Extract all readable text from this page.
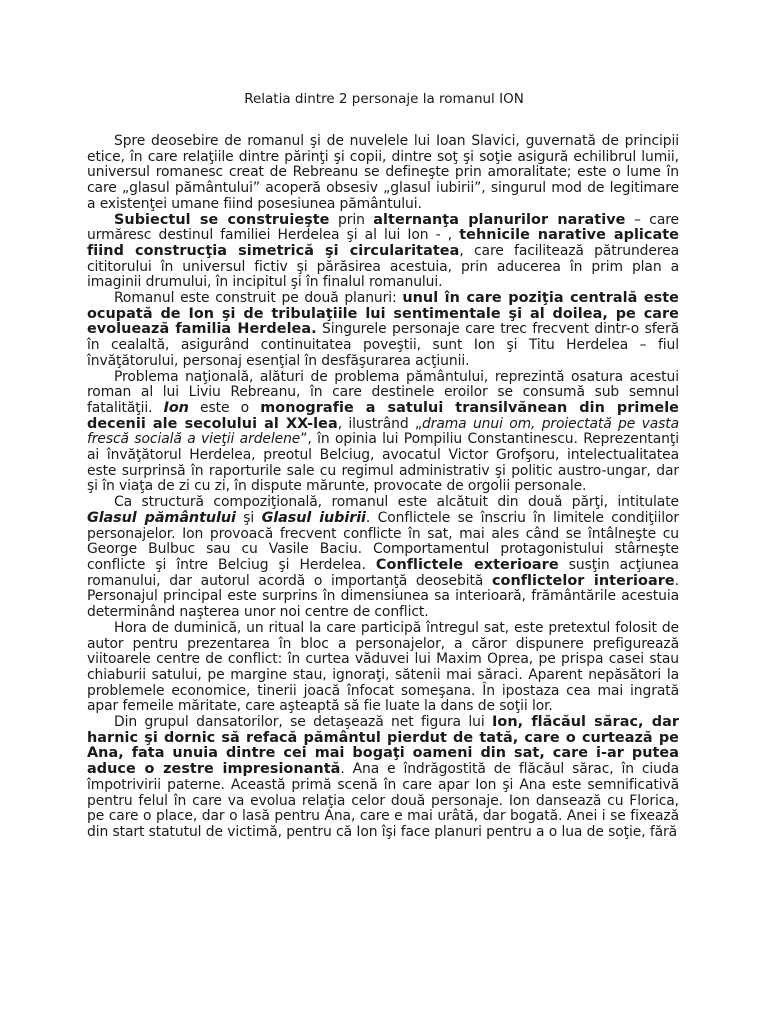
Relatia dintre 2 personaje la romanul ION

Spre deosebire de romanul şi de nuvelele lui Ioan Slavici, guvernată de principii etice, în care relaţiile dintre părinţi şi copii, dintre soţ şi soţie asigură echilibrul lumii, universul romanesc creat de Rebreanu se defineşte prin amoralitate; este o lume în care „glasul pământului” acoperă obsesiv „glasul iubirii”, singurul mod de legitimare a existenţei umane fiind posesiunea pământului.

Subiectul se construieşte prin alternanţa planurilor narative – care urmăresc destinul familiei Herdelea şi al lui Ion - , tehnicile narative aplicate fiind construcţia simetrică şi circularitatea, care facilitează pătrunderea cititorului în universul fictiv şi părăsirea acestuia, prin aducerea în prim plan a imaginii drumului, în incipitul şi în finalul romanului.

Romanul este construit pe două planuri: unul în care poziţia centrală este ocupată de Ion şi de tribulaţiile lui sentimentale şi al doilea, pe care evoluează familia Herdelea. Singurele personaje care trec frecvent dintr-o sferă în cealaltă, asigurând continuitatea poveştii, sunt Ion şi Titu Herdelea – fiul învăţătorului, personaj esenţial în desfăşurarea acţiunii.

Problema naţională, alături de problema pământului, reprezintă osatura acestui roman al lui Liviu Rebreanu, în care destinele eroilor se consumă sub semnul fatalităţii. Ion este o monografie a satului transilvănean din primele decenii ale secolului al XX-lea, ilustrând „drama unui om, proiectată pe vasta frescă socială a vieţii ardelene”, în opinia lui Pompiliu Constantinescu. Reprezentanţi ai învăţătorul Herdelea, preotul Belciug, avocatul Victor Grofşoru, intelectualitatea este surprinsă în raporturile sale cu regimul administrativ şi politic austro-ungar, dar şi în viaţa de zi cu zi, în dispute mărunte, provocate de orgolii personale.

Ca structură compoziţională, romanul este alcătuit din două părţi, intitulate Glasul pământului şi Glasul iubirii. Conflictele se înscriu în limitele condiţiilor personajelor. Ion provoacă frecvent conflicte în sat, mai ales când se întâlneşte cu George Bulbuc sau cu Vasile Baciu. Comportamentul protagonistului stârneşte conflicte şi între Belciug şi Herdelea. Conflictele exterioare susţin acţiunea romanului, dar autorul acordă o importanţă deosebită conflictelor interioare. Personajul principal este surprins în dimensiunea sa interioară, frământările acestuia determinând naşterea unor noi centre de conflict.

Hora de duminică, un ritual la care participă întregul sat, este pretextul folosit de autor pentru prezentarea în bloc a personajelor, a căror dispunere prefigurează viitoarele centre de conflict: în curtea văduvei lui Maxim Oprea, pe prispa casei stau chiaburii satului, pe margine stau, ignoraţi, sătenii mai săraci. Aparent nepăsători la problemele economice, tinerii joacă înfocat someşana. În ipostaza cea mai ingrată apar femeile măritate, care aşteaptă să fie luate la dans de soţii lor.

Din grupul dansatorilor, se detaşează net figura lui Ion, flăcăul sărac, dar harnic şi dornic să refacă pământul pierdut de tată, care o curtează pe Ana, fata unuia dintre cei mai bogaţi oameni din sat, care i-ar putea aduce o zestre impresionantă. Ana e îndrăgostită de flăcăul sărac, în ciuda împotrivirii paterne. Această primă scenă în care apar Ion şi Ana este semnificativă pentru felul în care va evolua relaţia celor două personaje. Ion dansează cu Florica, pe care o place, dar o lasă pentru Ana, care e mai urâtă, dar bogată. Anei i se fixează din start statutul de victimă, pentru că Ion îşi face planuri pentru a o lua de soţie, fără
